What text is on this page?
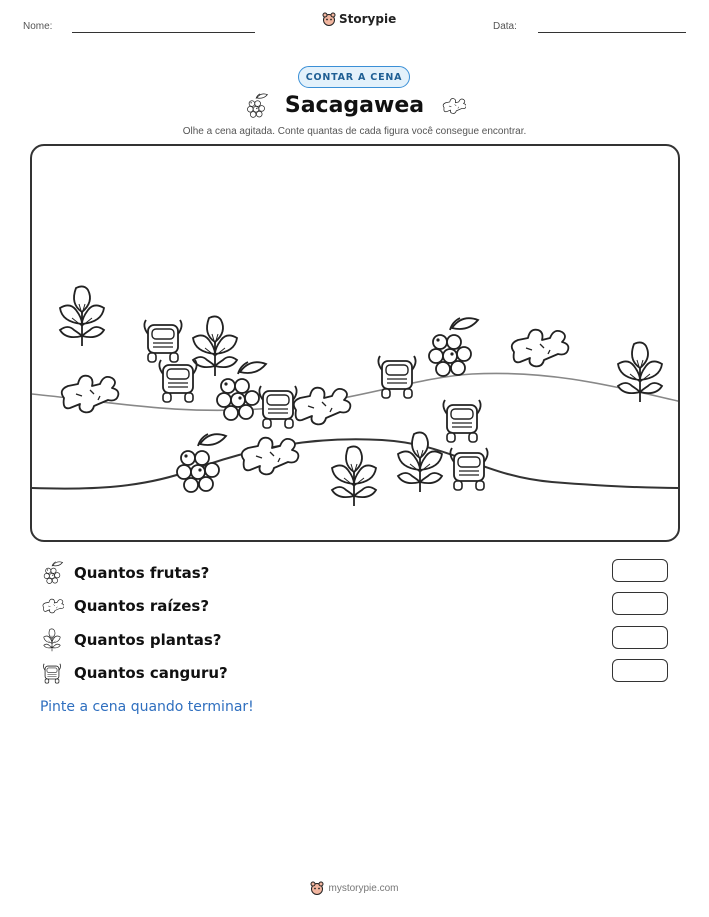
Nome:
Storypie
Data:
CONTAR A CENA
Sacagawea
Olhe a cena agitada. Conte quantas de cada figura você consegue encontrar.
Quantos frutas?
Quantos raízes?
Quantos plantas?
Quantos canguru?
Pinte a cena quando terminar!
mystorypie.com
